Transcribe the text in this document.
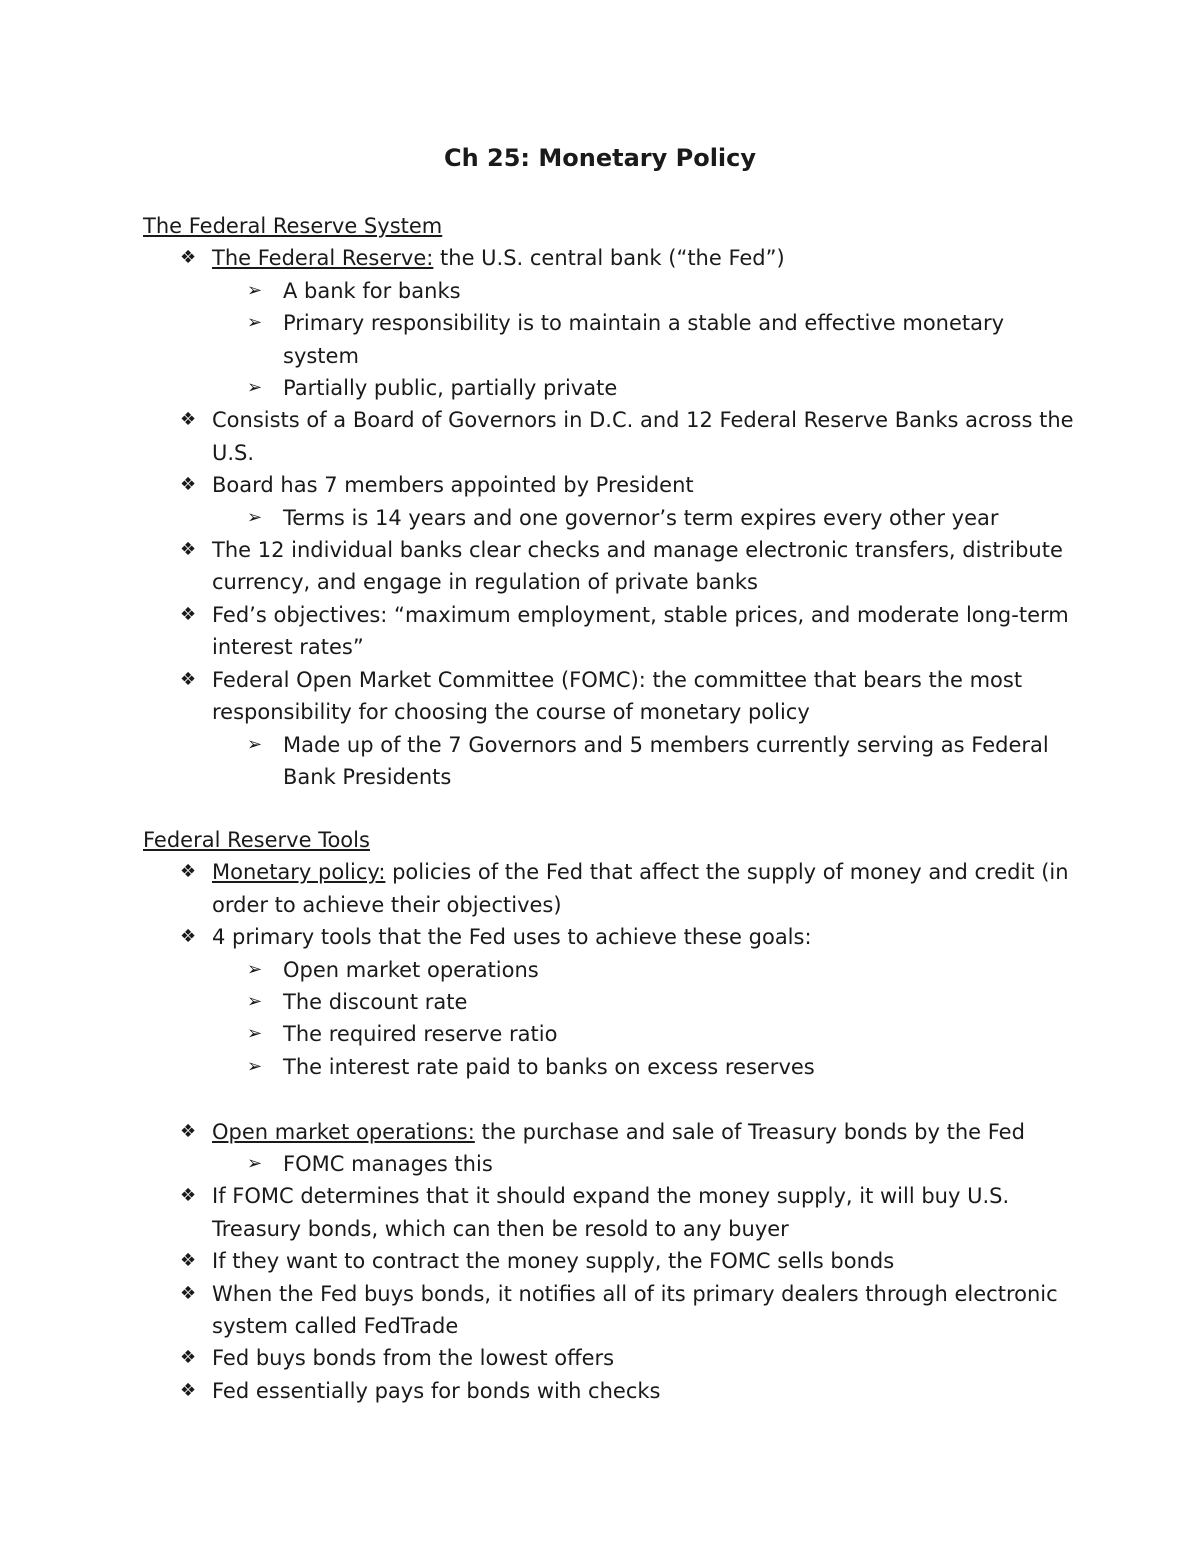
Ch 25: Monetary Policy
The Federal Reserve System
❖ The Federal Reserve: the U.S. central bank (“the Fed”)
➢ A bank for banks
➢ Primary responsibility is to maintain a stable and effective monetary system
➢ Partially public, partially private
❖ Consists of a Board of Governors in D.C. and 12 Federal Reserve Banks across the U.S.
❖ Board has 7 members appointed by President
➢ Terms is 14 years and one governor’s term expires every other year
❖ The 12 individual banks clear checks and manage electronic transfers, distribute currency, and engage in regulation of private banks
❖ Fed’s objectives: “maximum employment, stable prices, and moderate long-term interest rates”
❖ Federal Open Market Committee (FOMC): the committee that bears the most responsibility for choosing the course of monetary policy
➢ Made up of the 7 Governors and 5 members currently serving as Federal Bank Presidents
Federal Reserve Tools
❖ Monetary policy: policies of the Fed that affect the supply of money and credit (in order to achieve their objectives)
❖ 4 primary tools that the Fed uses to achieve these goals:
➢ Open market operations
➢ The discount rate
➢ The required reserve ratio
➢ The interest rate paid to banks on excess reserves
❖ Open market operations: the purchase and sale of Treasury bonds by the Fed
➢ FOMC manages this
❖ If FOMC determines that it should expand the money supply, it will buy U.S. Treasury bonds, which can then be resold to any buyer
❖ If they want to contract the money supply, the FOMC sells bonds
❖ When the Fed buys bonds, it notifies all of its primary dealers through electronic system called FedTrade
❖ Fed buys bonds from the lowest offers
❖ Fed essentially pays for bonds with checks
